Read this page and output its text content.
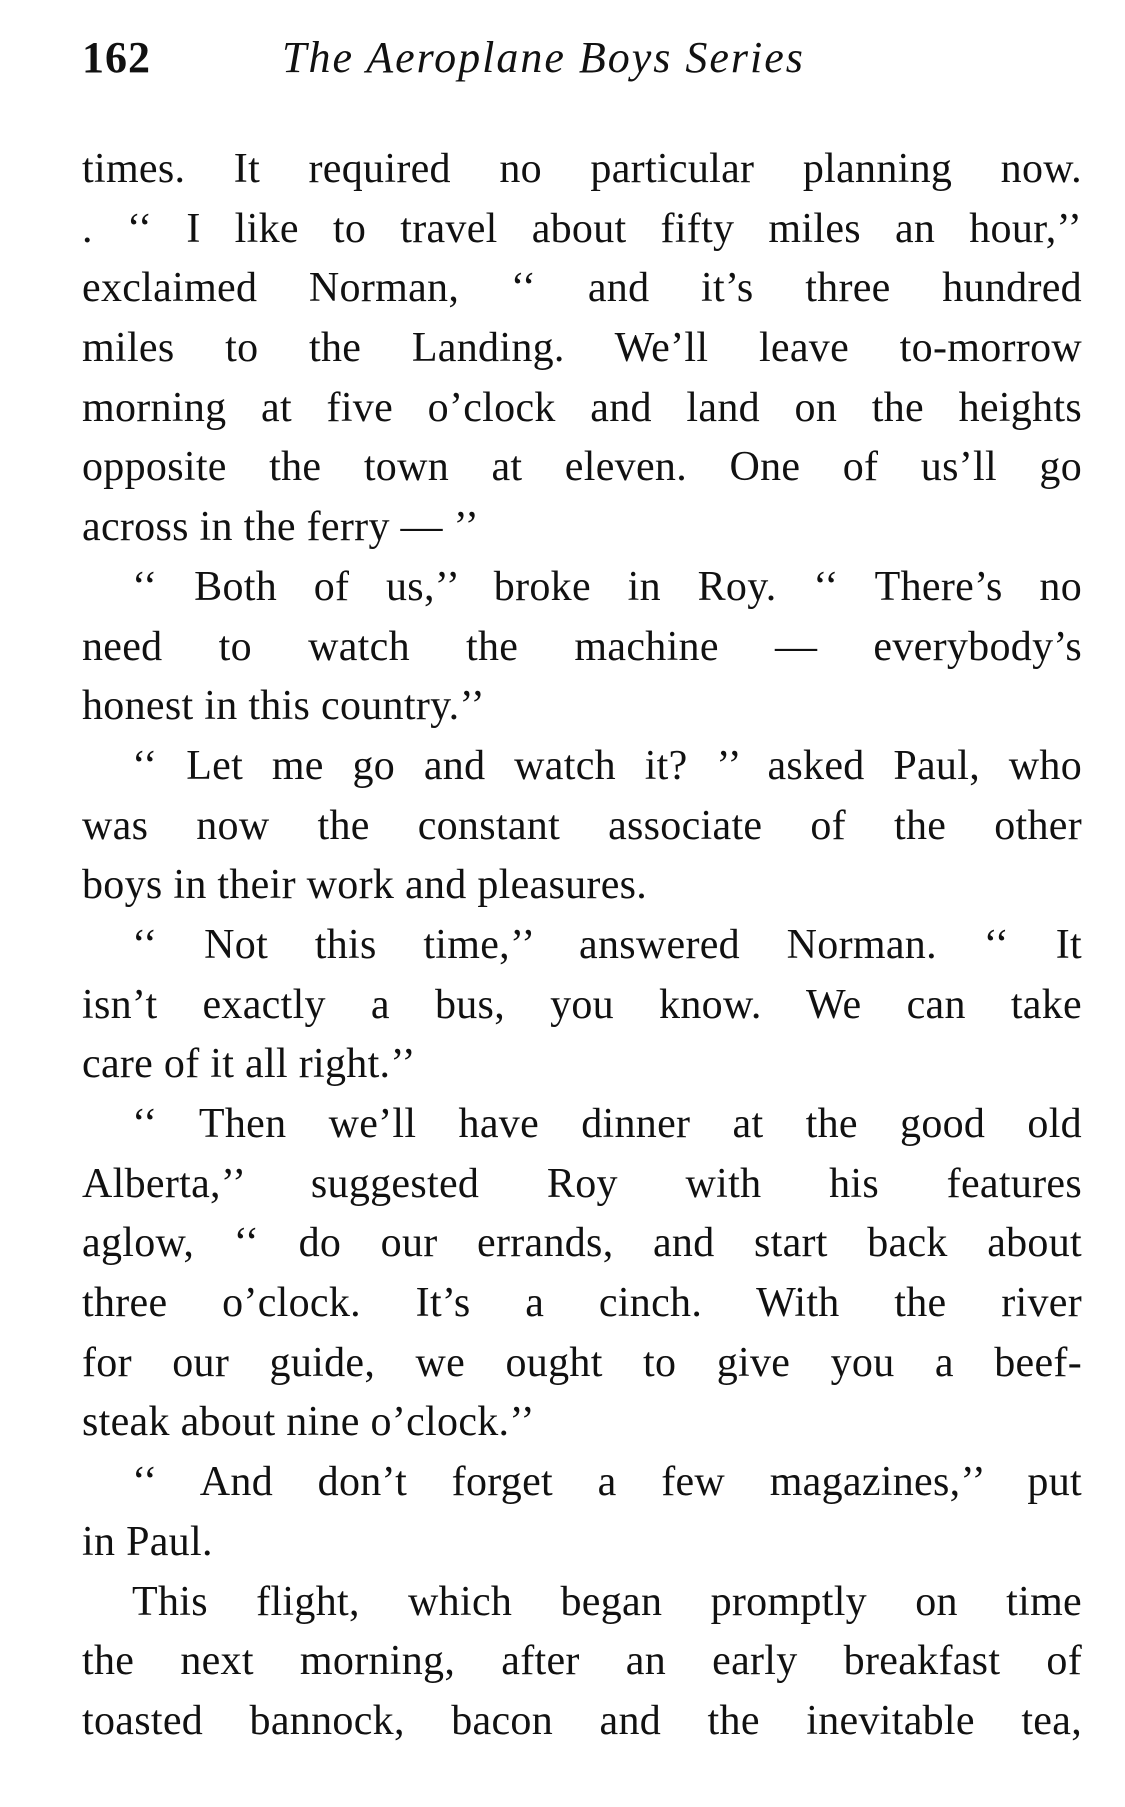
162	The Aeroplane Boys Series
times. It required no particular planning now.
. ‘‘ I like to travel about fifty miles an hour,’’
exclaimed Norman, ‘‘ and it’s three hundred
miles to the Landing. We’ll leave to-morrow
morning at five o’clock and land on the heights
opposite the town at eleven. One of us’ll go
across in the ferry — ’’
‘‘ Both of us,’’ broke in Roy. ‘‘ There’s no
need to watch the machine — everybody’s
honest in this country.’’
‘‘ Let me go and watch it? ’’ asked Paul, who
was now the constant associate of the other
boys in their work and pleasures.
‘‘ Not this time,’’ answered Norman. ‘‘ It
isn’t exactly a bus, you know. We can take
care of it all right.’’
‘‘ Then we’ll have dinner at the good old
Alberta,’’ suggested Roy with his features
aglow, ‘‘ do our errands, and start back about
three o’clock. It’s a cinch. With the river
for our guide, we ought to give you a beef-
steak about nine o’clock.’’
‘‘ And don’t forget a few magazines,’’ put
in Paul.
This flight, which began promptly on time
the next morning, after an early breakfast of
toasted bannock, bacon and the inevitable tea,
